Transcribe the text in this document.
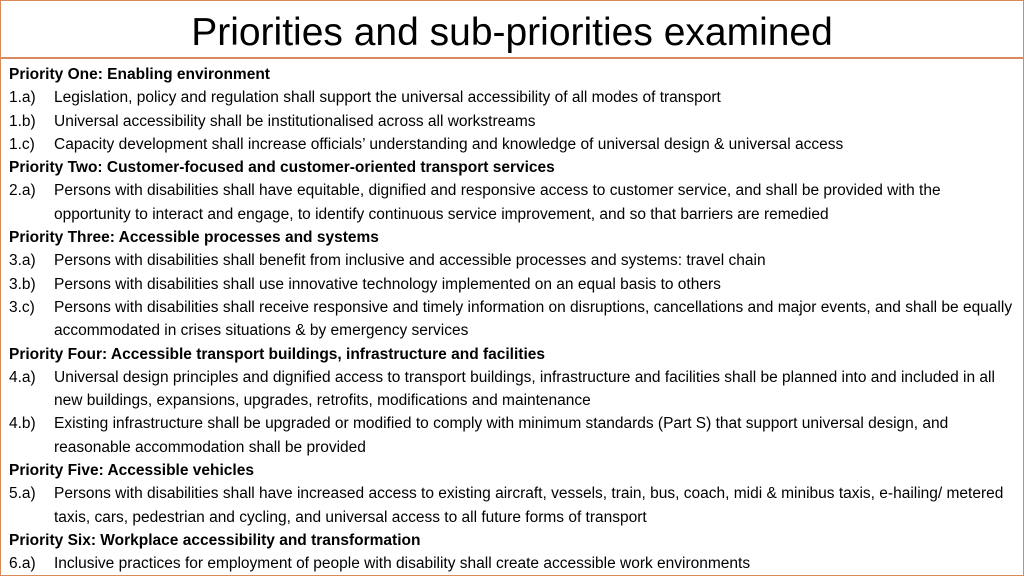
Priorities and sub-priorities examined
Priority One: Enabling environment
1.a)	Legislation, policy and regulation shall support the universal accessibility of all modes of transport
1.b)	Universal accessibility shall be institutionalised across all workstreams
1.c)	Capacity development shall increase officials’ understanding and knowledge of universal design & universal access
Priority Two: Customer-focused and customer-oriented transport services
2.a)	Persons with disabilities shall have equitable, dignified and responsive access to customer service, and shall be provided with the opportunity to interact and engage, to identify continuous service improvement, and so that barriers are remedied
Priority Three: Accessible processes and systems
3.a)	Persons with disabilities shall benefit from inclusive and accessible processes and systems: travel chain
3.b)	Persons with disabilities shall use innovative technology implemented on an equal basis to others
3.c)	Persons with disabilities shall receive responsive and timely information on disruptions, cancellations and major events, and shall be equally accommodated in crises situations & by emergency services
Priority Four: Accessible transport buildings, infrastructure and facilities
4.a)	Universal design principles and dignified access to transport buildings, infrastructure and facilities shall be planned into and included in all new buildings, expansions, upgrades, retrofits, modifications and maintenance
4.b)	Existing infrastructure shall be upgraded or modified to comply with minimum standards (Part S) that support universal design, and reasonable accommodation shall be provided
Priority Five: Accessible vehicles
5.a)	Persons with disabilities shall have increased access to existing aircraft, vessels, train, bus, coach, midi & minibus taxis, e-hailing/ metered taxis, cars, pedestrian and cycling, and universal access to all future forms of transport
Priority Six: Workplace accessibility and transformation
6.a)	Inclusive practices for employment of people with disability shall create accessible work environments
